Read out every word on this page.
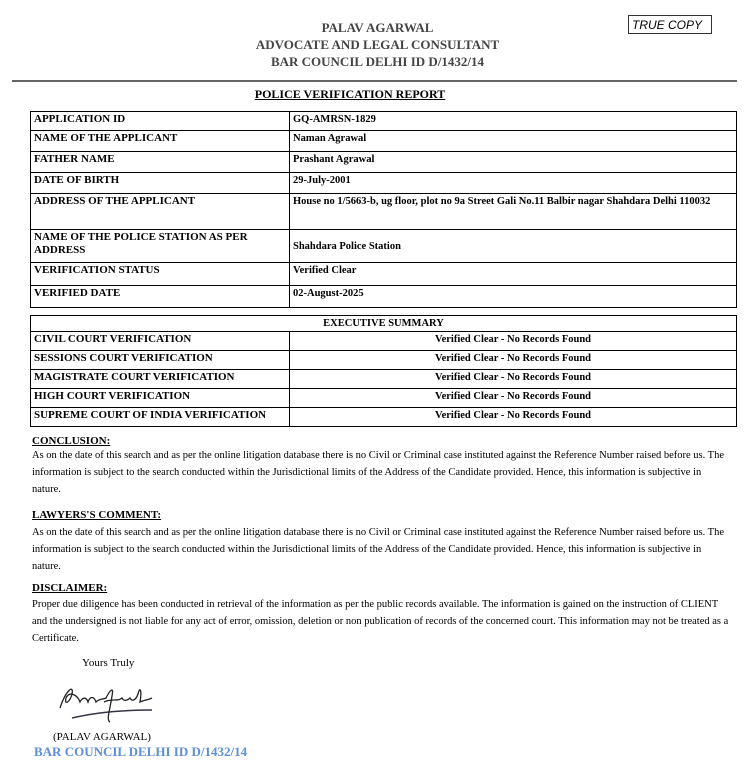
PALAV AGARWAL
ADVOCATE AND LEGAL CONSULTANT
BAR COUNCIL DELHI ID D/1432/14
TRUE COPY
POLICE VERIFICATION REPORT
APPLICATION ID	GQ-AMRSN-1829
NAME OF THE APPLICANT	Naman Agrawal
FATHER NAME	Prashant Agrawal
DATE OF BIRTH	29-July-2001
ADDRESS OF THE APPLICANT	House no 1/5663-b, ug floor, plot no 9a Street Gali No.11 Balbir nagar Shahdara Delhi 110032
NAME OF THE POLICE STATION AS PER ADDRESS	Shahdara Police Station
VERIFICATION STATUS	Verified Clear
VERIFIED DATE	02-August-2025
EXECUTIVE SUMMARY	
CIVIL COURT VERIFICATION	Verified Clear - No Records Found
SESSIONS COURT VERIFICATION	Verified Clear - No Records Found
MAGISTRATE COURT VERIFICATION	Verified Clear - No Records Found
HIGH COURT VERIFICATION	Verified Clear - No Records Found
SUPREME COURT OF INDIA VERIFICATION	Verified Clear - No Records Found
CONCLUSION:
As on the date of this search and as per the online litigation database there is no Civil or Criminal case instituted against the Reference Number raised before us. The information is subject to the search conducted within the Jurisdictional limits of the Address of the Candidate provided. Hence, this information is subjective in nature.
LAWYERS'S COMMENT:
As on the date of this search and as per the online litigation database there is no Civil or Criminal case instituted against the Reference Number raised before us. The information is subject to the search conducted within the Jurisdictional limits of the Address of the Candidate provided. Hence, this information is subjective in nature.
DISCLAIMER:
Proper due diligence has been conducted in retrieval of the information as per the public records available. The information is gained on the instruction of CLIENT and the undersigned is not liable for any act of error, omission, deletion or non publication of records of the concerned court. This information may not be treated as a Certificate.
Yours Truly
(PALAV AGARWAL)
BAR COUNCIL DELHI ID D/1432/14
